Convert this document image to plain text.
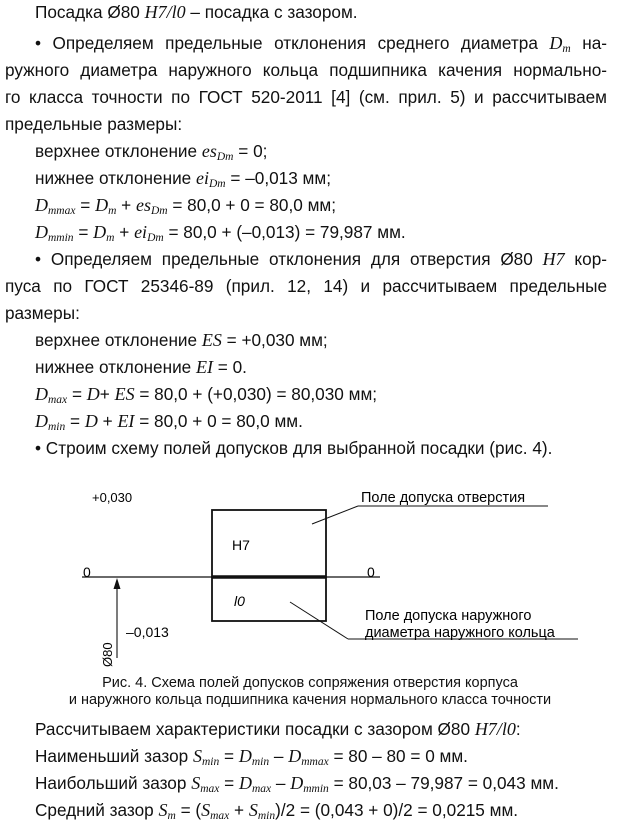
Посадка Ø80 H7/l0 – посадка с зазором.
• Определяем предельные отклонения среднего диаметра $D_m$ на-
ружного диаметра наружного кольца подшипника качения нормально-
го класса точности по ГОСТ 520-2011 [4] (см. прил. 5) и рассчитываем
предельные размеры:
верхнее отклонение $es_{Dm} = 0$;
нижнее отклонение $ei_{Dm} = -0,013$ мм;
$D_{mmax} = D_m + es_{Dm} = 80,0 + 0 = 80,0$ мм;
$D_{mmin} = D_m + ei_{Dm} = 80,0 + (-0,013) = 79,987$ мм.
• Определяем предельные отклонения для отверстия Ø80 H7 кор-
пуса по ГОСТ 25346-89 (прил. 12, 14) и рассчитываем предельные
размеры:
верхнее отклонение ES = +0,030 мм;
нижнее отклонение EI = 0.
$D_{max} = D+$ ES = 80,0 + (+0,030) = 80,030 мм;
$D_{min} = D$ + EI = 80,0 + 0 = 80,0 мм.
• Строим схему полей допусков для выбранной посадки (рис. 4).
+0,030
0	0
H7
l0
–0,013
Ø80
Поле допуска отверстия
Поле допуска наружного
диаметра наружного кольца
Рис. 4. Схема полей допусков сопряжения отверстия корпуса
и наружного кольца подшипника качения нормального класса точности
Рассчитываем характеристики посадки с зазором Ø80 H7/l0:
Наименьший зазор $S_{min} = D_{min} - D_{mmax} = 80 - 80 = 0$ мм.
Наибольший зазор $S_{max} = D_{max} - D_{mmin} = 80,03 - 79,987 = 0,043$ мм.
Средний зазор $S_m = (S_{max} + S_{min})/2 = (0,043 + 0)/2 = 0,0215$ мм.
